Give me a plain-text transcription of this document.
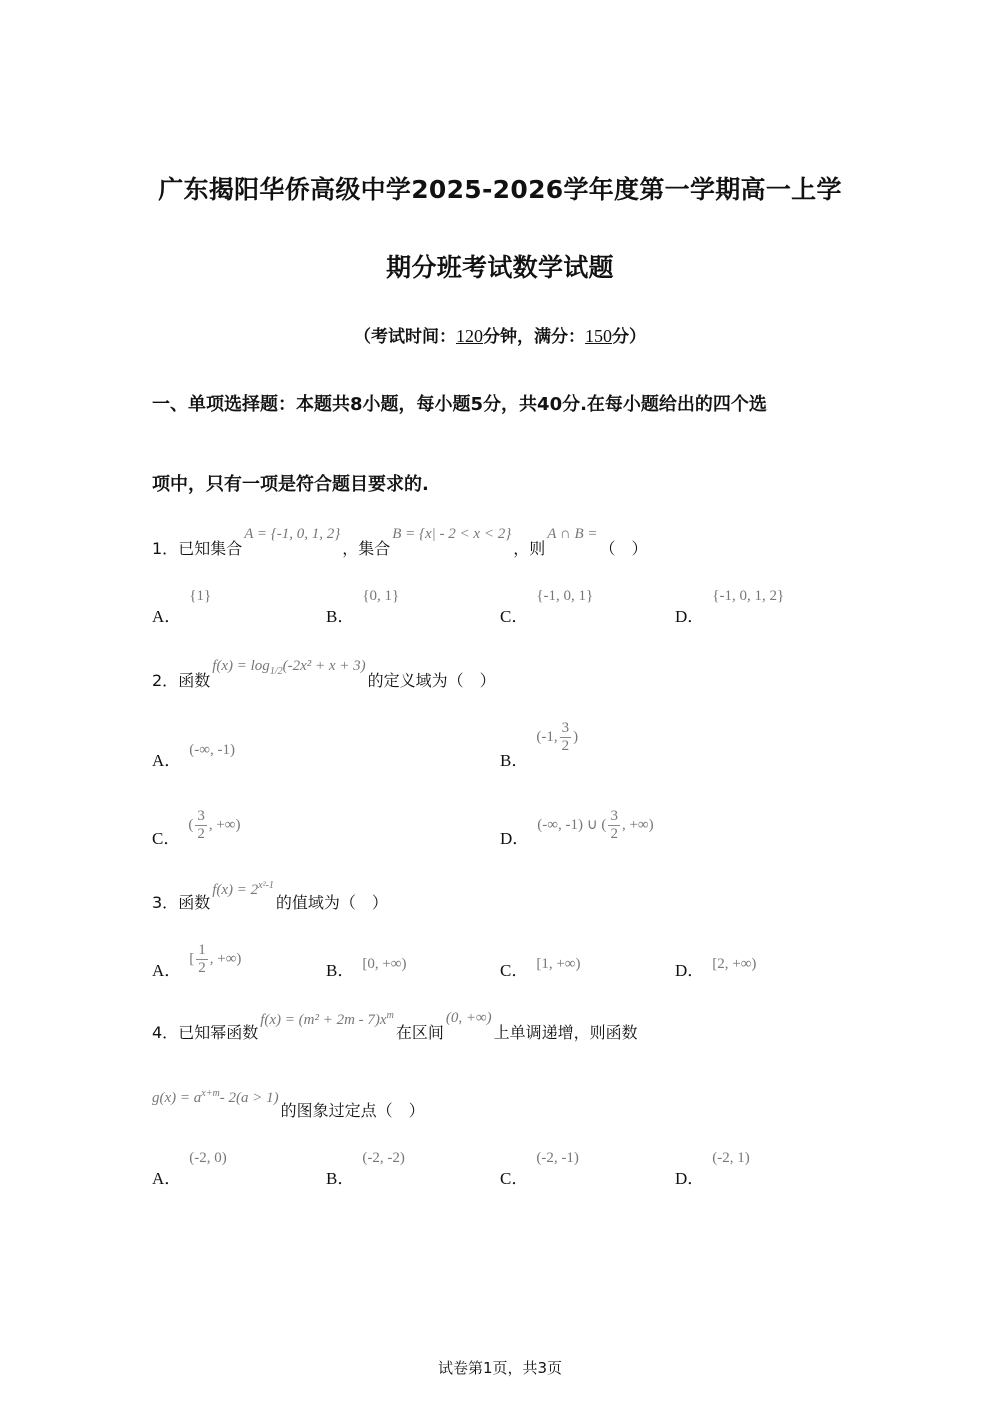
广东揭阳华侨高级中学2025-2026学年度第一学期高一上学
期分班考试数学试题
（考试时间：120分钟，满分：150分）
一、单项选择题：本题共8小题，每小题5分，共40分.在每小题给出的四个选
项中，只有一项是符合题目要求的.
1． 已知集合
A = {-1, 0, 1, 2}
，集合
B = {x| - 2 < x < 2}
，则
A ∩ B =
（　）
A．
{1}
B．
{0, 1}
C．
{-1, 0, 1}
D．
{-1, 0, 1, 2}
2． 函数
$f(x) = \log_{1/2}(-2x^2 + x + 3)$
的定义域为（　）
A．
(-∞, -1)
B．
(-1, $\frac{3}{2}$ )
C．
( $\frac{3}{2}$ , +∞)
D．
(-∞, -1) ∪ ( $\frac{3}{2}$ , +∞)
3． 函数
$f(x) = 2^{x^2-1}$
的值域为（　）
A．
[ $\frac{1}{2}$ , +∞)
B． [0, +∞)	C． [1, +∞)	D． [2, +∞)
4． 已知幂函数
$f(x) = (m^2 + 2m - 7)x^m$
在区间
(0, +∞)
上单调递增，则函数
$g(x) = a^{x+m}-$ 2(a > 1)
的图象过定点（　）
A．
(-2, 0)
B．
(-2, -2)
C．
(-2, -1)
D．
(-2, 1)
试卷第1页，共3页
